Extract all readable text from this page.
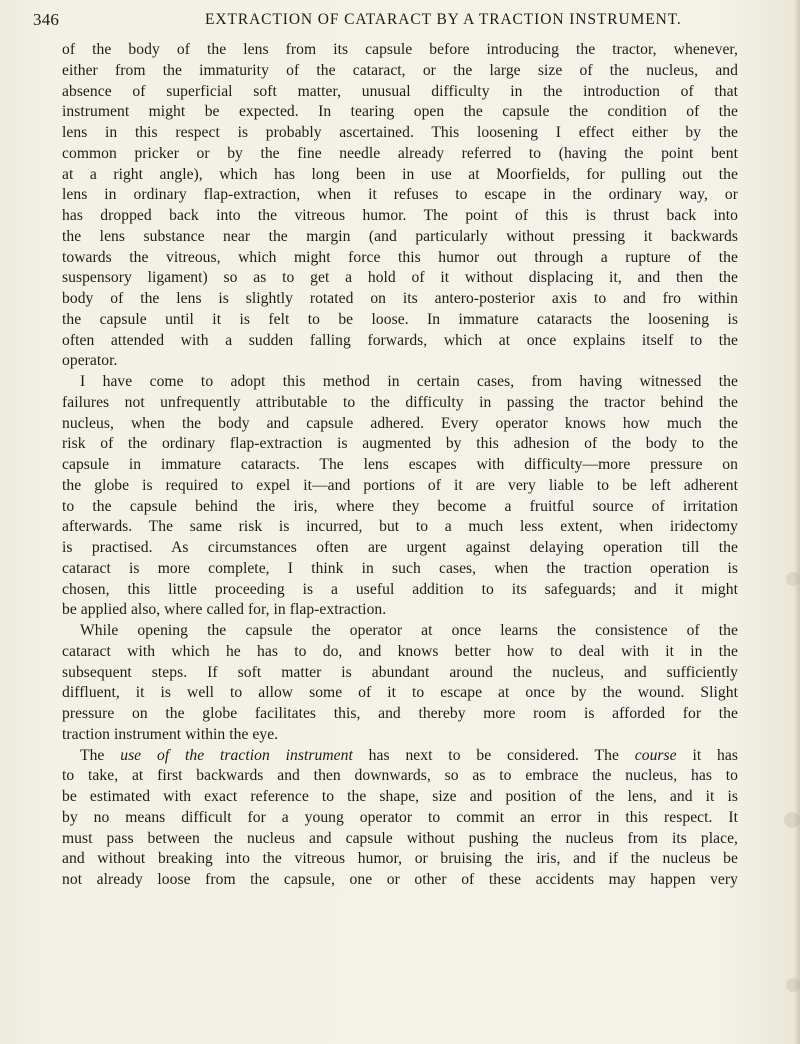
346	EXTRACTION OF CATARACT BY A TRACTION INSTRUMENT.
of the body of the lens from its capsule before introducing the tractor, whenever,
either from the immaturity of the cataract, or the large size of the nucleus, and
absence of superficial soft matter, unusual difficulty in the introduction of that
instrument might be expected. In tearing open the capsule the condition of the
lens in this respect is probably ascertained. This loosening I effect either by the
common pricker or by the fine needle already referred to (having the point bent
at a right angle), which has long been in use at Moorfields, for pulling out the
lens in ordinary flap-extraction, when it refuses to escape in the ordinary way, or
has dropped back into the vitreous humor. The point of this is thrust back into
the lens substance near the margin (and particularly without pressing it backwards
towards the vitreous, which might force this humor out through a rupture of the
suspensory ligament) so as to get a hold of it without displacing it, and then the
body of the lens is slightly rotated on its antero-posterior axis to and fro within
the capsule until it is felt to be loose. In immature cataracts the loosening is
often attended with a sudden falling forwards, which at once explains itself to the
operator.
I have come to adopt this method in certain cases, from having witnessed the
failures not unfrequently attributable to the difficulty in passing the tractor behind the
nucleus, when the body and capsule adhered. Every operator knows how much the
risk of the ordinary flap-extraction is augmented by this adhesion of the body to the
capsule in immature cataracts. The lens escapes with difficulty—more pressure on
the globe is required to expel it—and portions of it are very liable to be left adherent
to the capsule behind the iris, where they become a fruitful source of irritation
afterwards. The same risk is incurred, but to a much less extent, when iridectomy
is practised. As circumstances often are urgent against delaying operation till the
cataract is more complete, I think in such cases, when the traction operation is
chosen, this little proceeding is a useful addition to its safeguards; and it might
be applied also, where called for, in flap-extraction.
While opening the capsule the operator at once learns the consistence of the
cataract with which he has to do, and knows better how to deal with it in the
subsequent steps. If soft matter is abundant around the nucleus, and sufficiently
diffluent, it is well to allow some of it to escape at once by the wound. Slight
pressure on the globe facilitates this, and thereby more room is afforded for the
traction instrument within the eye.
The use of the traction instrument has next to be considered. The course it has
to take, at first backwards and then downwards, so as to embrace the nucleus, has to
be estimated with exact reference to the shape, size and position of the lens, and it is
by no means difficult for a young operator to commit an error in this respect. It
must pass between the nucleus and capsule without pushing the nucleus from its place,
and without breaking into the vitreous humor, or bruising the iris, and if the nucleus be
not already loose from the capsule, one or other of these accidents may happen very
